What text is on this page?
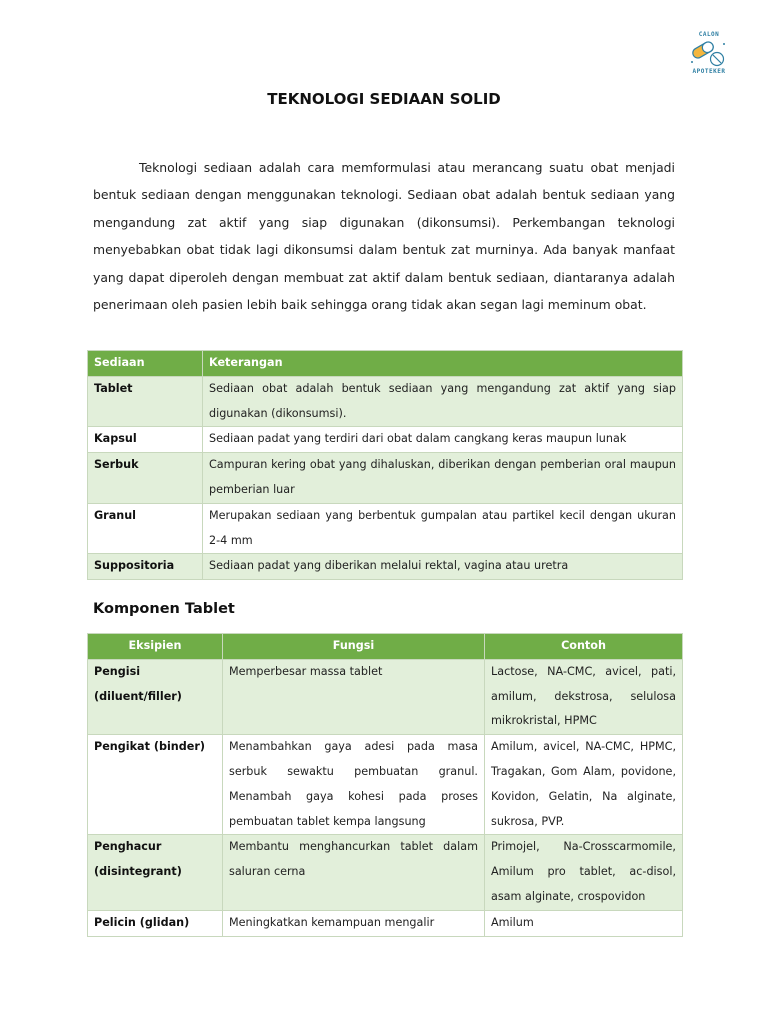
CALON
APOTEKER
TEKNOLOGI SEDIAAN SOLID

Teknologi sediaan adalah cara memformulasi atau merancang suatu obat menjadi bentuk sediaan dengan menggunakan teknologi. Sediaan obat adalah bentuk sediaan yang mengandung zat aktif yang siap digunakan (dikonsumsi). Perkembangan teknologi menyebabkan obat tidak lagi dikonsumsi dalam bentuk zat murninya. Ada banyak manfaat yang dapat diperoleh dengan membuat zat aktif dalam bentuk sediaan, diantaranya adalah penerimaan oleh pasien lebih baik sehingga orang tidak akan segan lagi meminum obat.

Sediaan	Keterangan
Tablet	Sediaan obat adalah bentuk sediaan yang mengandung zat aktif yang siap digunakan (dikonsumsi).
Kapsul	Sediaan padat yang terdiri dari obat dalam cangkang keras maupun lunak
Serbuk	Campuran kering obat yang dihaluskan, diberikan dengan pemberian oral maupun pemberian luar
Granul	Merupakan sediaan yang berbentuk gumpalan atau partikel kecil dengan ukuran 2-4 mm
Suppositoria	Sediaan padat yang diberikan melalui rektal, vagina atau uretra
Komponen Tablet
Eksipien	Fungsi	Contoh
Pengisi (diluent/filler)	Memperbesar massa tablet	Lactose, NA-CMC, avicel, pati, amilum, dekstrosa, selulosa mikrokristal, HPMC
Pengikat (binder)	Menambahkan gaya adesi pada masa serbuk sewaktu pembuatan granul. Menambah gaya kohesi pada proses pembuatan tablet kempa langsung	Amilum, avicel, NA-CMC, HPMC, Tragakan, Gom Alam, povidone, Kovidon, Gelatin, Na alginate, sukrosa, PVP.
Penghacur (disintegrant)	Membantu menghancurkan tablet dalam saluran cerna	Primojel, Na-Crosscarmomile, Amilum pro tablet, ac-disol, asam alginate, crospovidon
Pelicin (glidan)	Meningkatkan kemampuan mengalir	Amilum
